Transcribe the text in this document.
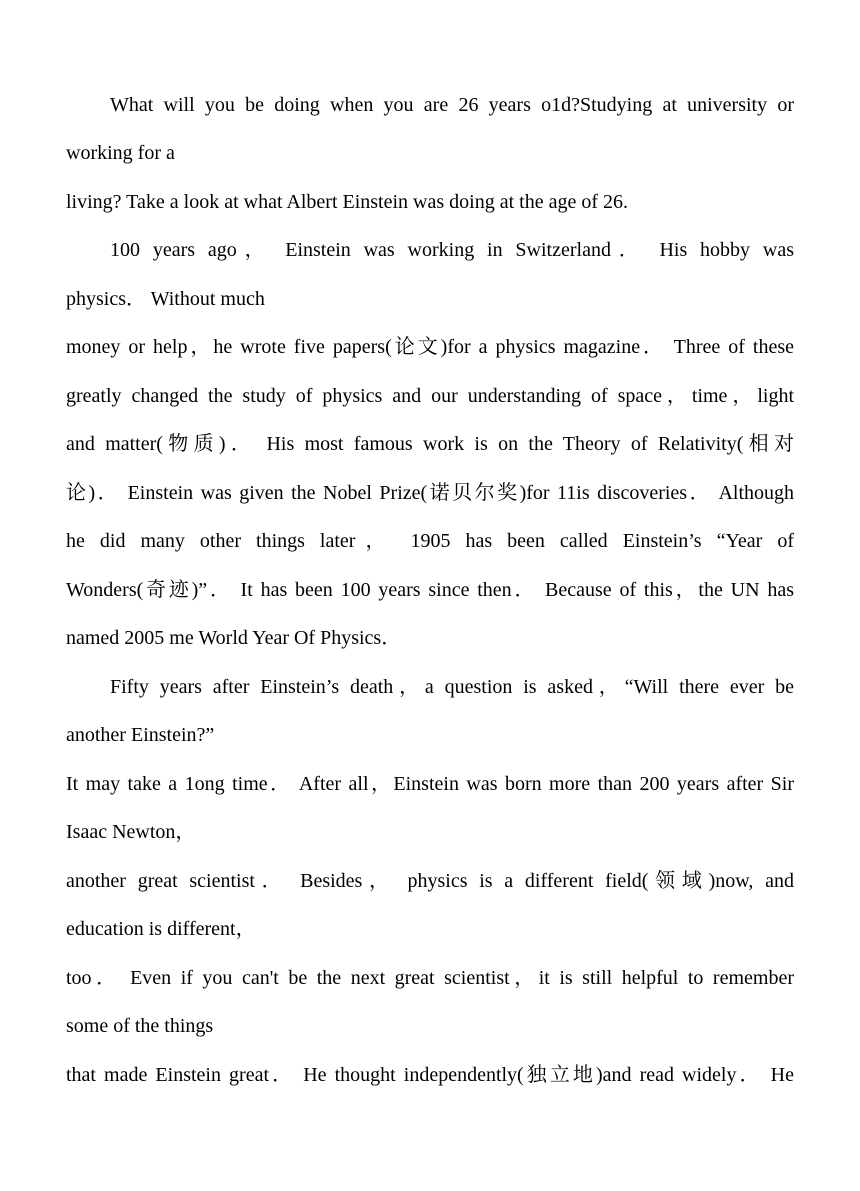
What will you be doing when you are 26 years o1d?Studying at university or
working for a
living? Take a look at what Albert Einstein was doing at the age of 26.
100 years ago， Einstein was working in Switzerland． His hobby was
physics． Without much
money or help，he wrote five papers(论文)for a physics magazine． Three of these
greatly changed the study of physics and our understanding of space，time，light
and matter(物质)． His most famous work is on the Theory of Relativity(相对
论)． Einstein was given the Nobel Prize(诺贝尔奖)for 11is discoveries． Although
he did many other things later， 1905 has been called Einstein’s “Year of
Wonders(奇迹)”． It has been 100 years since then． Because of this，the UN has
named 2005 me World Year Of Physics．
Fifty years after Einstein’s death，a question is asked，“Will there ever be
another Einstein?”
It may take a 1ong time． After all，Einstein was born more than 200 years after Sir
Isaac Newton，
another great scientist． Besides， physics is a different field(领域)now, and
education is different，
too． Even if you can't be the next great scientist，it is still helpful to remember
some of the things
that made Einstein great． He thought independently(独立地)and read widely． He
